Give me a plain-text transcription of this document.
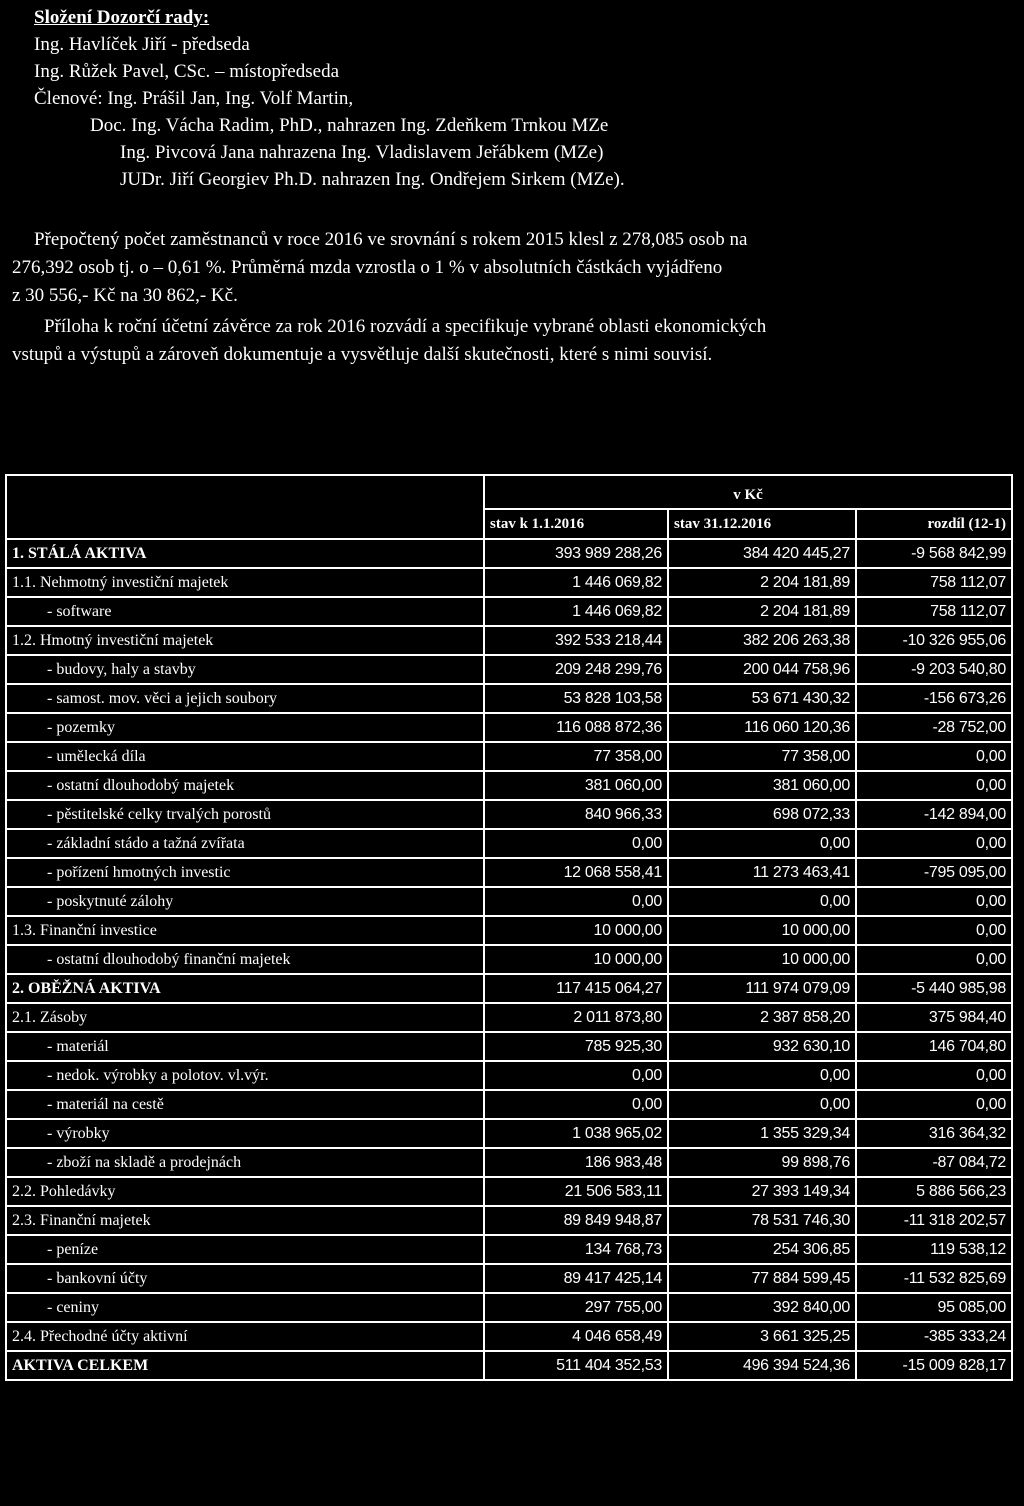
Složení Dozorčí rady:
Ing. Havlíček Jiří - předseda
Ing. Růžek Pavel, CSc. – místopředseda
Členové: Ing. Prášil Jan, Ing. Volf Martin,
Doc. Ing. Vácha Radim, PhD., nahrazen Ing. Zdeňkem Trnkou MZe
Ing. Pivcová Jana nahrazena Ing. Vladislavem Jeřábkem (MZe)
JUDr. Jiří Georgiev Ph.D. nahrazen Ing. Ondřejem Sirkem (MZe).
Přepočtený počet zaměstnanců v roce 2016 ve srovnání s rokem 2015 klesl z 278,085 osob na
276,392 osob tj. o – 0,61 %. Průměrná mzda vzrostla o 1 % v absolutních částkách vyjádřeno
z 30 556,- Kč na 30 862,- Kč.
Příloha k roční účetní závěrce za rok 2016 rozvádí a specifikuje vybrané oblasti ekonomických
vstupů a výstupů a zároveň dokumentuje a vysvětluje další skutečnosti, které s nimi souvisí.
	v Kč		
	stav k 1.1.2016	stav 31.12.2016	rozdíl (12-1)
1. STÁLÁ AKTIVA	393 989 288,26	384 420 445,27	-9 568 842,99
1.1. Nehmotný investiční majetek	1 446 069,82	2 204 181,89	758 112,07
- software	1 446 069,82	2 204 181,89	758 112,07
1.2. Hmotný investiční majetek	392 533 218,44	382 206 263,38	-10 326 955,06
- budovy, haly a stavby	209 248 299,76	200 044 758,96	-9 203 540,80
- samost. mov. věci a jejich soubory	53 828 103,58	53 671 430,32	-156 673,26
- pozemky	116 088 872,36	116 060 120,36	-28 752,00
- umělecká díla	77 358,00	77 358,00	0,00
- ostatní dlouhodobý majetek	381 060,00	381 060,00	0,00
- pěstitelské celky trvalých porostů	840 966,33	698 072,33	-142 894,00
- základní stádo a tažná zvířata	0,00	0,00	0,00
- pořízení hmotných investic	12 068 558,41	11 273 463,41	-795 095,00
- poskytnuté zálohy	0,00	0,00	0,00
1.3. Finanční investice	10 000,00	10 000,00	0,00
- ostatní dlouhodobý finanční majetek	10 000,00	10 000,00	0,00
2. OBĚŽNÁ AKTIVA	117 415 064,27	111 974 079,09	-5 440 985,98
2.1. Zásoby	2 011 873,80	2 387 858,20	375 984,40
- materiál	785 925,30	932 630,10	146 704,80
- nedok. výrobky a polotov. vl.výr.	0,00	0,00	0,00
- materiál na cestě	0,00	0,00	0,00
- výrobky	1 038 965,02	1 355 329,34	316 364,32
- zboží na skladě a prodejnách	186 983,48	99 898,76	-87 084,72
2.2. Pohledávky	21 506 583,11	27 393 149,34	5 886 566,23
2.3. Finanční majetek	89 849 948,87	78 531 746,30	-11 318 202,57
- peníze	134 768,73	254 306,85	119 538,12
- bankovní účty	89 417 425,14	77 884 599,45	-11 532 825,69
- ceniny	297 755,00	392 840,00	95 085,00
2.4. Přechodné účty aktivní	4 046 658,49	3 661 325,25	-385 333,24
AKTIVA CELKEM	511 404 352,53	496 394 524,36	-15 009 828,17
